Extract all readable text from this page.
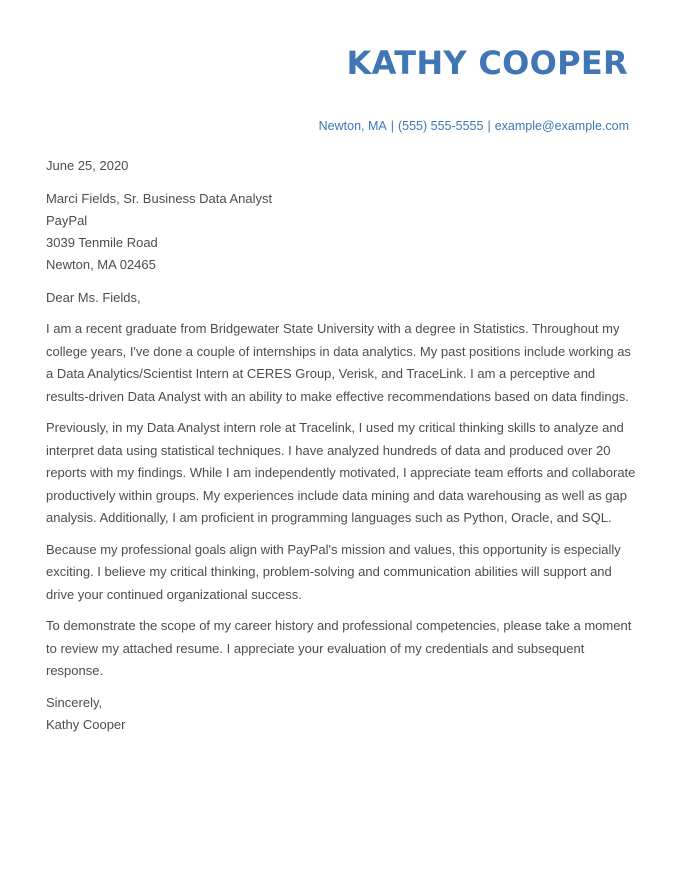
KATHY COOPER
Newton, MA | (555) 555-5555 | example@example.com

June 25, 2020

Marci Fields, Sr. Business Data Analyst
PayPal
3039 Tenmile Road
Newton, MA 02465

Dear Ms. Fields,

I am a recent graduate from Bridgewater State University with a degree in Statistics. Throughout my college years, I've done a couple of internships in data analytics. My past positions include working as a Data Analytics/Scientist Intern at CERES Group, Verisk, and TraceLink. I am a perceptive and results-driven Data Analyst with an ability to make effective recommendations based on data findings.

Previously, in my Data Analyst intern role at Tracelink, I used my critical thinking skills to analyze and interpret data using statistical techniques. I have analyzed hundreds of data and produced over 20 reports with my findings. While I am independently motivated, I appreciate team efforts and collaborate productively within groups. My experiences include data mining and data warehousing as well as gap analysis. Additionally, I am proficient in programming languages such as Python, Oracle, and SQL.

Because my professional goals align with PayPal's mission and values, this opportunity is especially exciting. I believe my critical thinking, problem-solving and communication abilities will support and drive your continued organizational success.

To demonstrate the scope of my career history and professional competencies, please take a moment to review my attached resume. I appreciate your evaluation of my credentials and subsequent response.

Sincerely,
Kathy Cooper
